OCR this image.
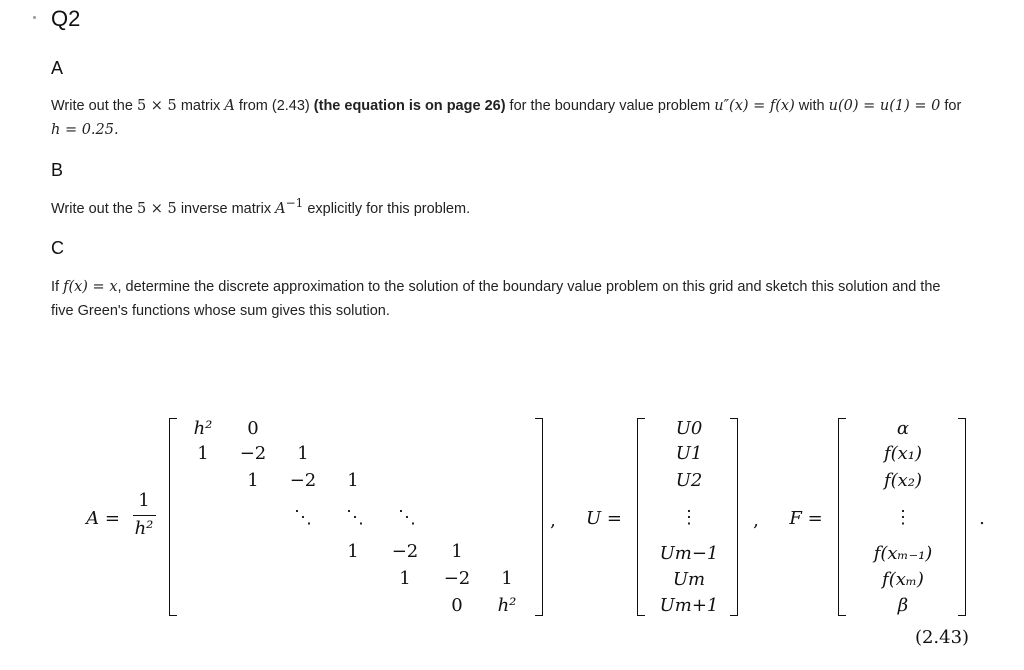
Q2
A
Write out the 5 × 5 matrix A from (2.43) (the equation is on page 26) for the boundary value problem u″(x) = f(x) with u(0) = u(1) = 0 for
h = 0.25.
B
Write out the 5 × 5 inverse matrix $A^{-1}$ explicitly for this problem.
C
If f(x) = x, determine the discrete approximation to the solution of the boundary value problem on this grid and sketch this solution and the
five Green's functions whose sum gives this solution.
A =
1
h²
h² 0
1 −2 1
1 −2 1
⋱ ⋱ ⋱
1 −2 1
1 −2 1
0 h²
, U =
U0
U1
U2
⋮
Um−1
Um
Um+1
, F =
α
f(x₁)
f(x₂)
⋮
f(xₘ₋₁)
f(xₘ)
β
.
(2.43)
